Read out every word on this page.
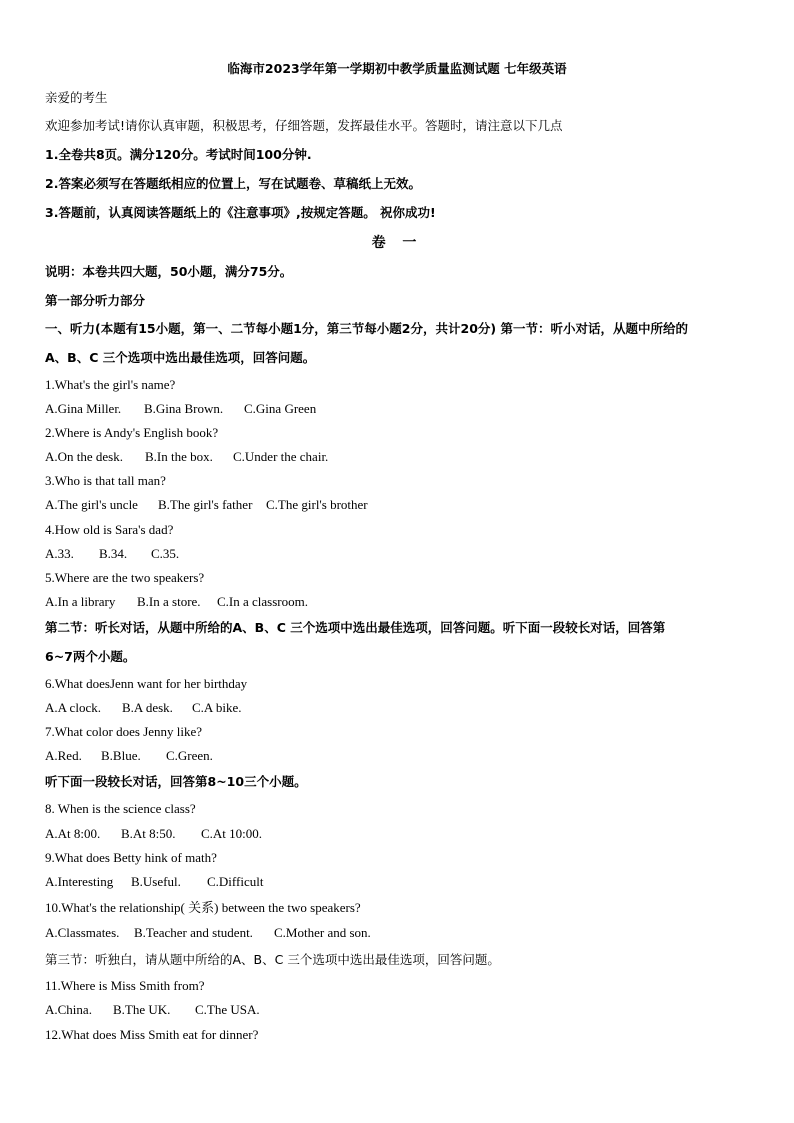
临海市2023学年第一学期初中教学质量监测试题 七年级英语
亲爱的考生
欢迎参加考试!请你认真审题，积极思考，仔细答题，发挥最佳水平。答题时，请注意以下几点
1.全卷共8页。满分120分。考试时间100分钟.
2.答案必须写在答题纸相应的位置上，写在试题卷、草稿纸上无效。
3.答题前，认真阅读答题纸上的《注意事项》,按规定答题。 祝你成功!
卷 一
说明：本卷共四大题，50小题，满分75分。
第一部分听力部分
一、听力(本题有15小题，第一、二节每小题1分，第三节每小题2分，共计20分) 第一节：听小对话，从题中所给的
A、B、C 三个选项中选出最佳选项，回答问题。
1.What's the girl's name?
A.Gina Miller. B.Gina Brown. C.Gina Green
2.Where is Andy's English book?
A.On the desk. B.In the box. C.Under the chair.
3.Who is that tall man?
A.The girl's uncle B.The girl's father C.The girl's brother
4.How old is Sara's dad?
A.33. B.34. C.35.
5.Where are the two speakers?
A.In a library B.In a store. C.In a classroom.
第二节：听长对话，从题中所给的A、B、C 三个选项中选出最佳选项，回答问题。听下面一段较长对话，回答第
6~7两个小题。
6.What doesJenn want for her birthday
A.A clock. B.A desk. C.A bike.
7.What color does Jenny like?
A.Red. B.Blue. C.Green.
听下面一段较长对话，回答第8~10三个小题。
8. When is the science class?
A.At 8:00. B.At 8:50. C.At 10:00.
9.What does Betty hink of math?
A.Interesting B.Useful. C.Difficult
10.What's the relationship( 关系) between the two speakers?
A.Classmates. B.Teacher and student. C.Mother and son.
第三节：听独白，请从题中所给的A、B、C 三个选项中选出最佳选项，回答问题。
11.Where is Miss Smith from?
A.China. B.The UK. C.The USA.
12.What does Miss Smith eat for dinner?
